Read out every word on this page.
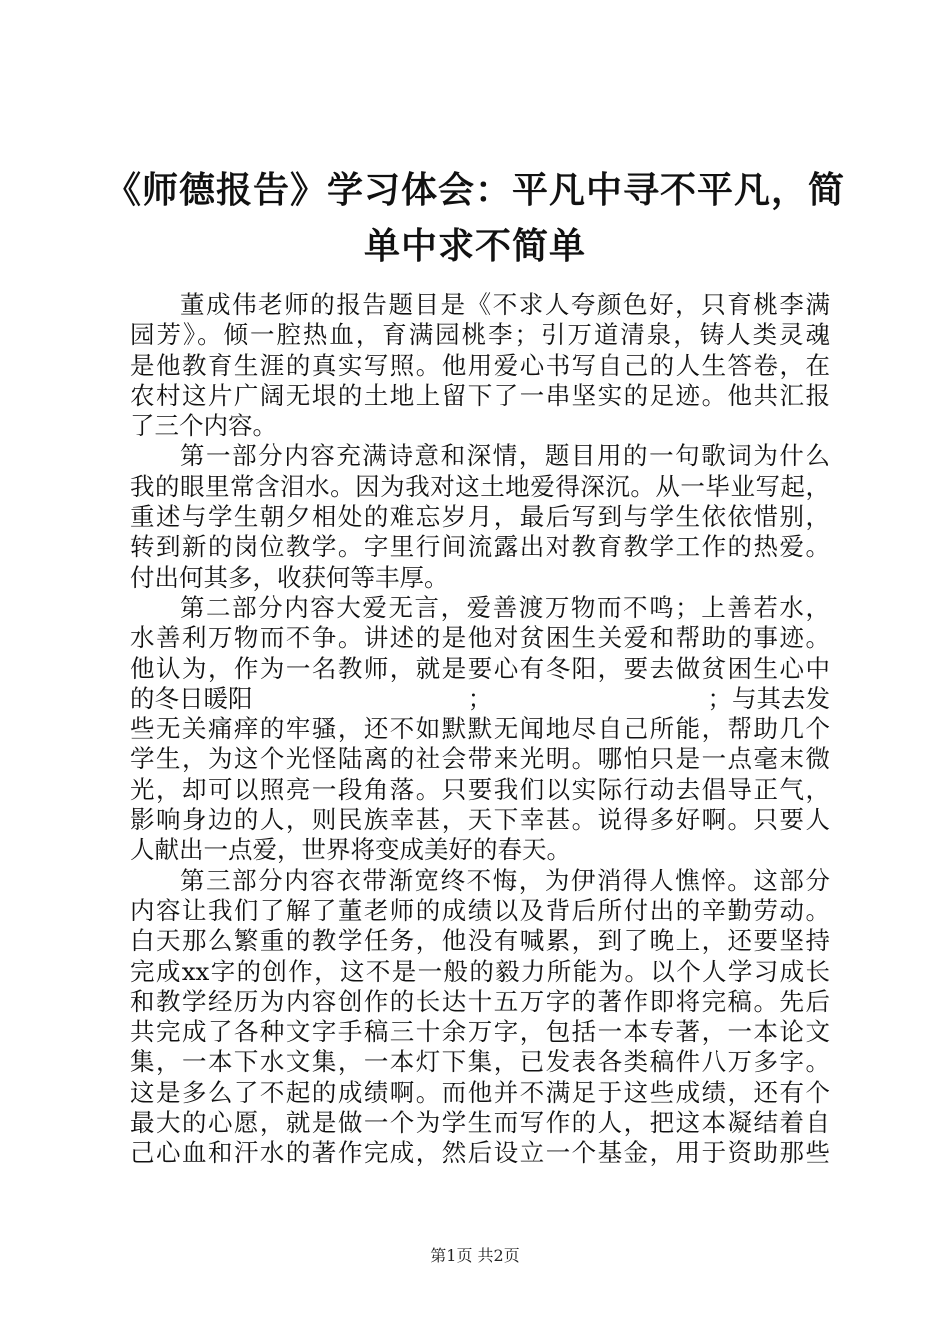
《师德报告》学习体会：平凡中寻不平凡，简
单中求不简单
董成伟老师的报告题目是《不求人夸颜色好，只育桃李满
园芳》。倾一腔热血，育满园桃李；引万道清泉，铸人类灵魂
是他教育生涯的真实写照。他用爱心书写自己的人生答卷，在
农村这片广阔无垠的土地上留下了一串坚实的足迹。他共汇报
了三个内容。
第一部分内容充满诗意和深情，题目用的一句歌词为什么
我的眼里常含泪水。因为我对这土地爱得深沉。从一毕业写起，
重述与学生朝夕相处的难忘岁月，最后写到与学生依依惜别，
转到新的岗位教学。字里行间流露出对教育教学工作的热爱。
付出何其多，收获何等丰厚。
第二部分内容大爱无言，爱善渡万物而不鸣；上善若水，
水善利万物而不争。讲述的是他对贫困生关爱和帮助的事迹。
他认为，作为一名教师，就是要心有冬阳，要去做贫困生心中
的冬日暖阳	；	；与其去发
些无关痛痒的牢骚，还不如默默无闻地尽自己所能，帮助几个
学生，为这个光怪陆离的社会带来光明。哪怕只是一点毫末微
光，却可以照亮一段角落。只要我们以实际行动去倡导正气，
影响身边的人，则民族幸甚，天下幸甚。说得多好啊。只要人
人献出一点爱，世界将变成美好的春天。
第三部分内容衣带渐宽终不悔，为伊消得人憔悴。这部分
内容让我们了解了董老师的成绩以及背后所付出的辛勤劳动。
白天那么繁重的教学任务，他没有喊累，到了晚上，还要坚持
完成xx字的创作，这不是一般的毅力所能为。以个人学习成长
和教学经历为内容创作的长达十五万字的著作即将完稿。先后
共完成了各种文字手稿三十余万字，包括一本专著，一本论文
集，一本下水文集，一本灯下集，已发表各类稿件八万多字。
这是多么了不起的成绩啊。而他并不满足于这些成绩，还有个
最大的心愿，就是做一个为学生而写作的人，把这本凝结着自
己心血和汗水的著作完成，然后设立一个基金，用于资助那些
第1页 共2页
